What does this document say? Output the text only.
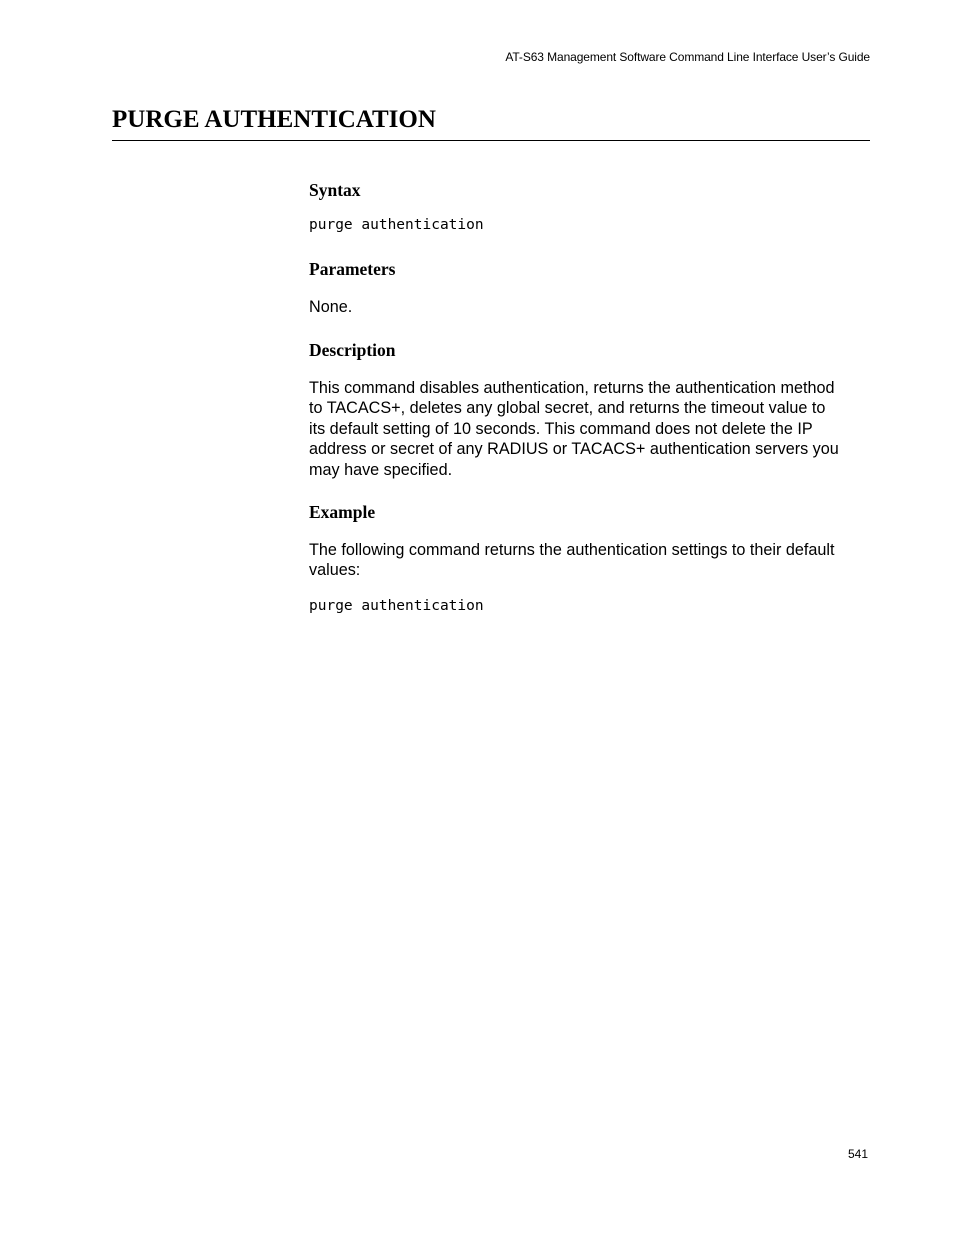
AT-S63 Management Software Command Line Interface User’s Guide
PURGE AUTHENTICATION
Syntax
purge authentication
Parameters

None.

Description
This command disables authentication, returns the authentication method
to TACACS+, deletes any global secret, and returns the timeout value to
its default setting of 10 seconds. This command does not delete the IP
address or secret of any RADIUS or TACACS+ authentication servers you
may have specified.
Example
The following command returns the authentication settings to their default
values:
purge authentication
541
